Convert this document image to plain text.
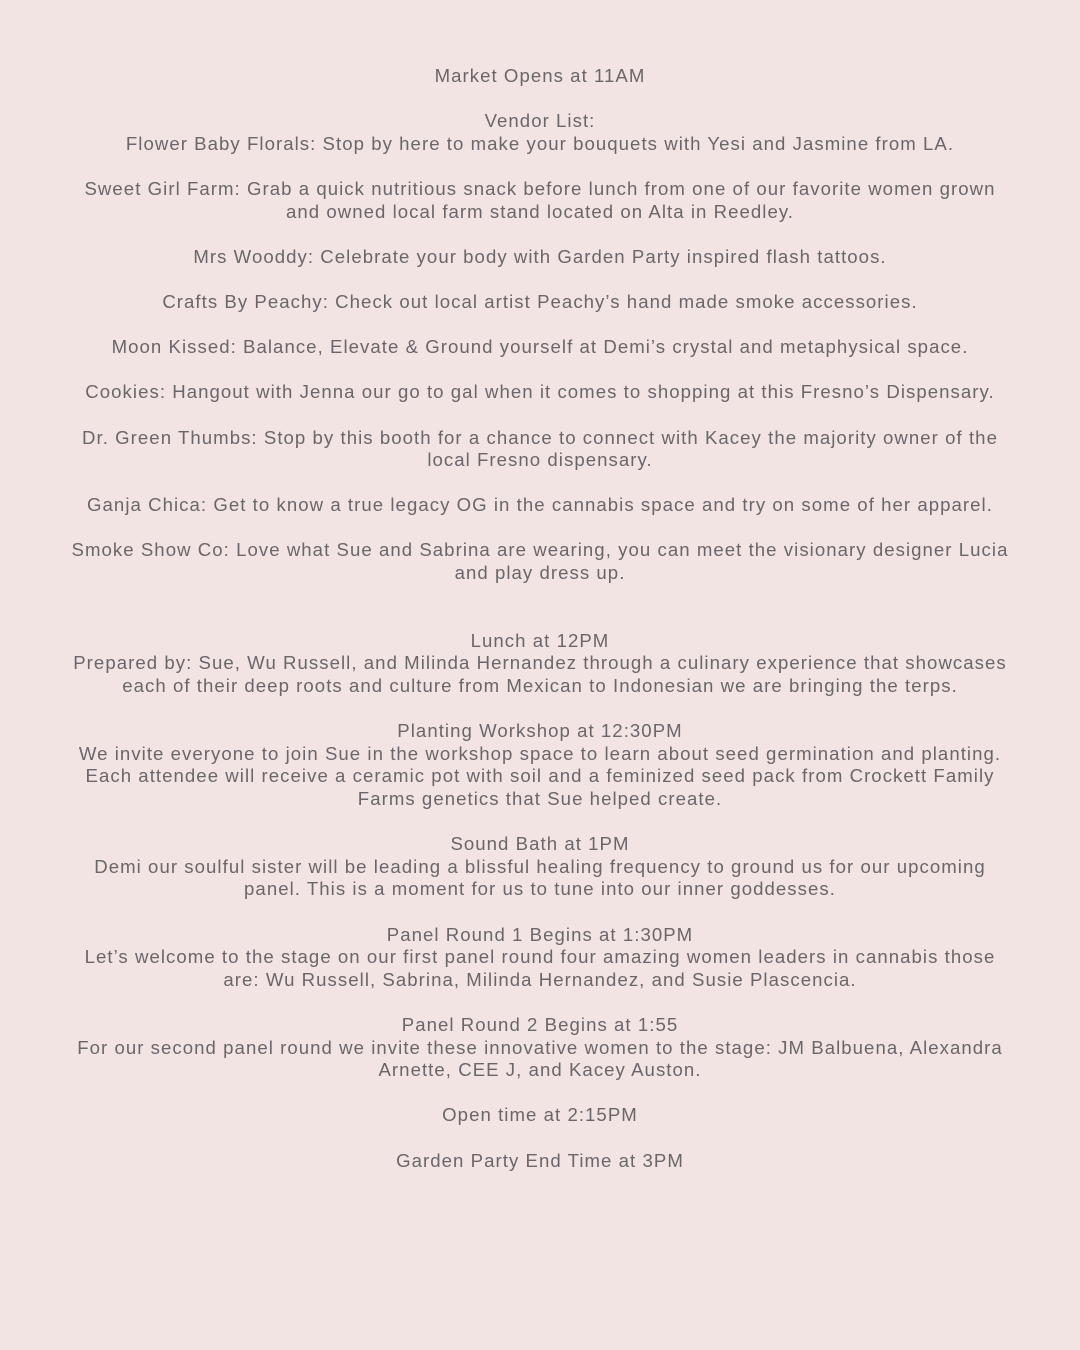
Market Opens at 11AM

Vendor List:

Flower Baby Florals: Stop by here to make your bouquets with Yesi and Jasmine from LA.

Sweet Girl Farm: Grab a quick nutritious snack before lunch from one of our favorite women grown and owned local farm stand located on Alta in Reedley.

Mrs Wooddy: Celebrate your body with Garden Party inspired flash tattoos.

Crafts By Peachy: Check out local artist Peachy’s hand made smoke accessories.

Moon Kissed: Balance, Elevate & Ground yourself at Demi’s crystal and metaphysical space.

Cookies: Hangout with Jenna our go to gal when it comes to shopping at this Fresno’s Dispensary.

Dr. Green Thumbs: Stop by this booth for a chance to connect with Kacey the majority owner of the local Fresno dispensary.

Ganja Chica: Get to know a true legacy OG in the cannabis space and try on some of her apparel.

Smoke Show Co: Love what Sue and Sabrina are wearing, you can meet the visionary designer Lucia and play dress up.

Lunch at 12PM

Prepared by: Sue, Wu Russell, and Milinda Hernandez through a culinary experience that showcases each of their deep roots and culture from Mexican to Indonesian we are bringing the terps.

Planting Workshop at 12:30PM

We invite everyone to join Sue in the workshop space to learn about seed germination and planting. Each attendee will receive a ceramic pot with soil and a feminized seed pack from Crockett Family Farms genetics that Sue helped create.

Sound Bath at 1PM

Demi our soulful sister will be leading a blissful healing frequency to ground us for our upcoming panel. This is a moment for us to tune into our inner goddesses.

Panel Round 1 Begins at 1:30PM

Let’s welcome to the stage on our first panel round four amazing women leaders in cannabis those are: Wu Russell, Sabrina, Milinda Hernandez, and Susie Plascencia.

Panel Round 2 Begins at 1:55

For our second panel round we invite these innovative women to the stage: JM Balbuena, Alexandra Arnette, CEE J, and Kacey Auston.

Open time at 2:15PM

Garden Party End Time at 3PM
